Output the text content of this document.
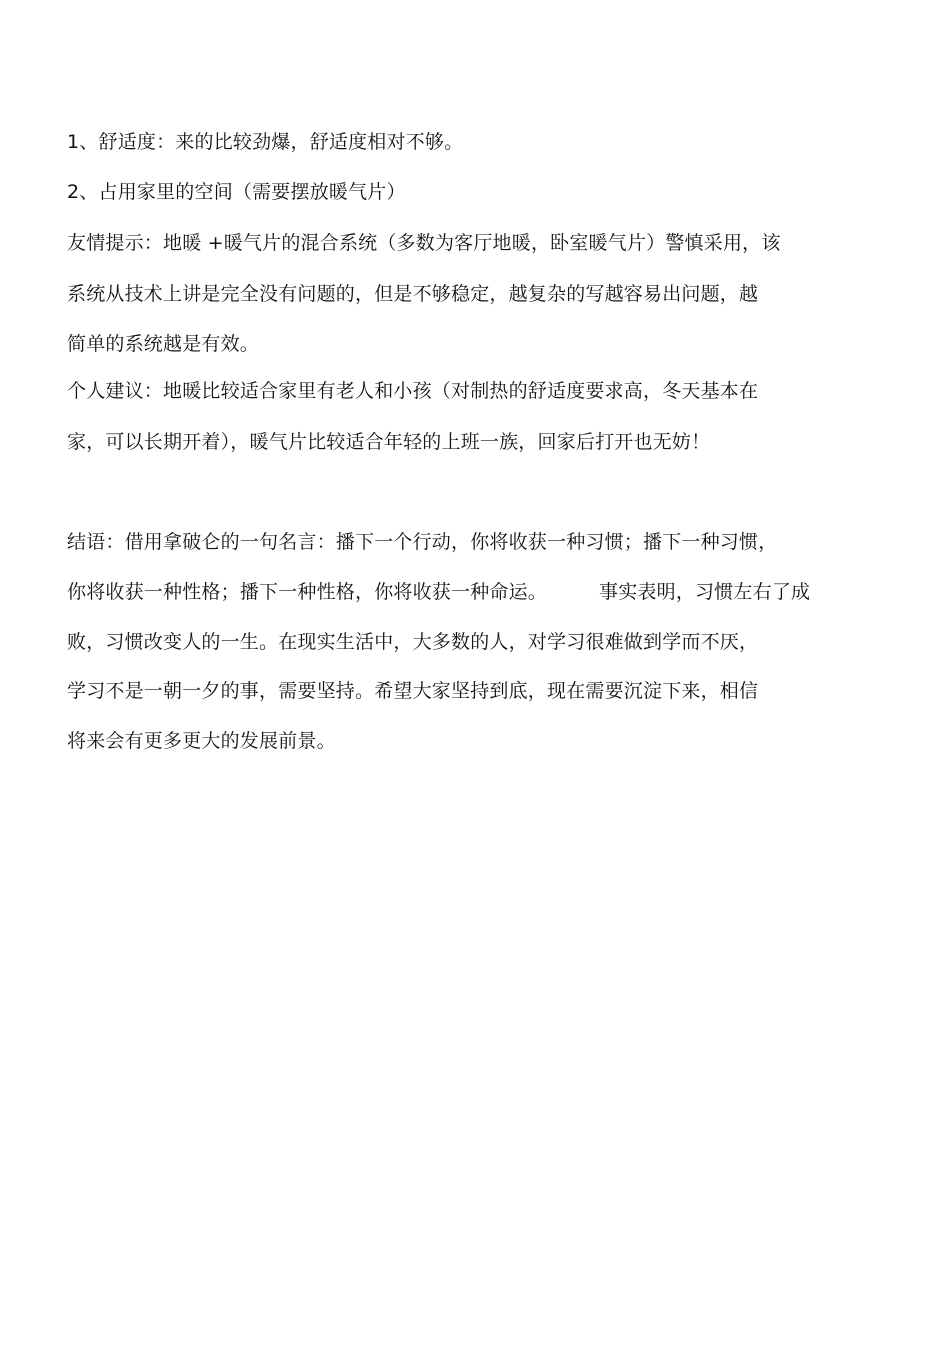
1、舒适度：来的比较劲爆，舒适度相对不够。
2、占用家里的空间（需要摆放暖气片）
友情提示：地暖 +暖气片的混合系统（多数为客厅地暖，卧室暖气片）警慎采用，该
系统从技术上讲是完全没有问题的，但是不够稳定，越复杂的写越容易出问题，越
简单的系统越是有效。
个人建议：地暖比较适合家里有老人和小孩（对制热的舒适度要求高，冬天基本在
家，可以长期开着），暖气片比较适合年轻的上班一族，回家后打开也无妨！
结语：借用拿破仑的一句名言：播下一个行动，你将收获一种习惯；播下一种习惯，
你将收获一种性格；播下一种性格，你将收获一种命运。	事实表明，习惯左右了成
败，习惯改变人的一生。在现实生活中，大多数的人，对学习很难做到学而不厌，
学习不是一朝一夕的事，需要坚持。希望大家坚持到底，现在需要沉淀下来，相信
将来会有更多更大的发展前景。
